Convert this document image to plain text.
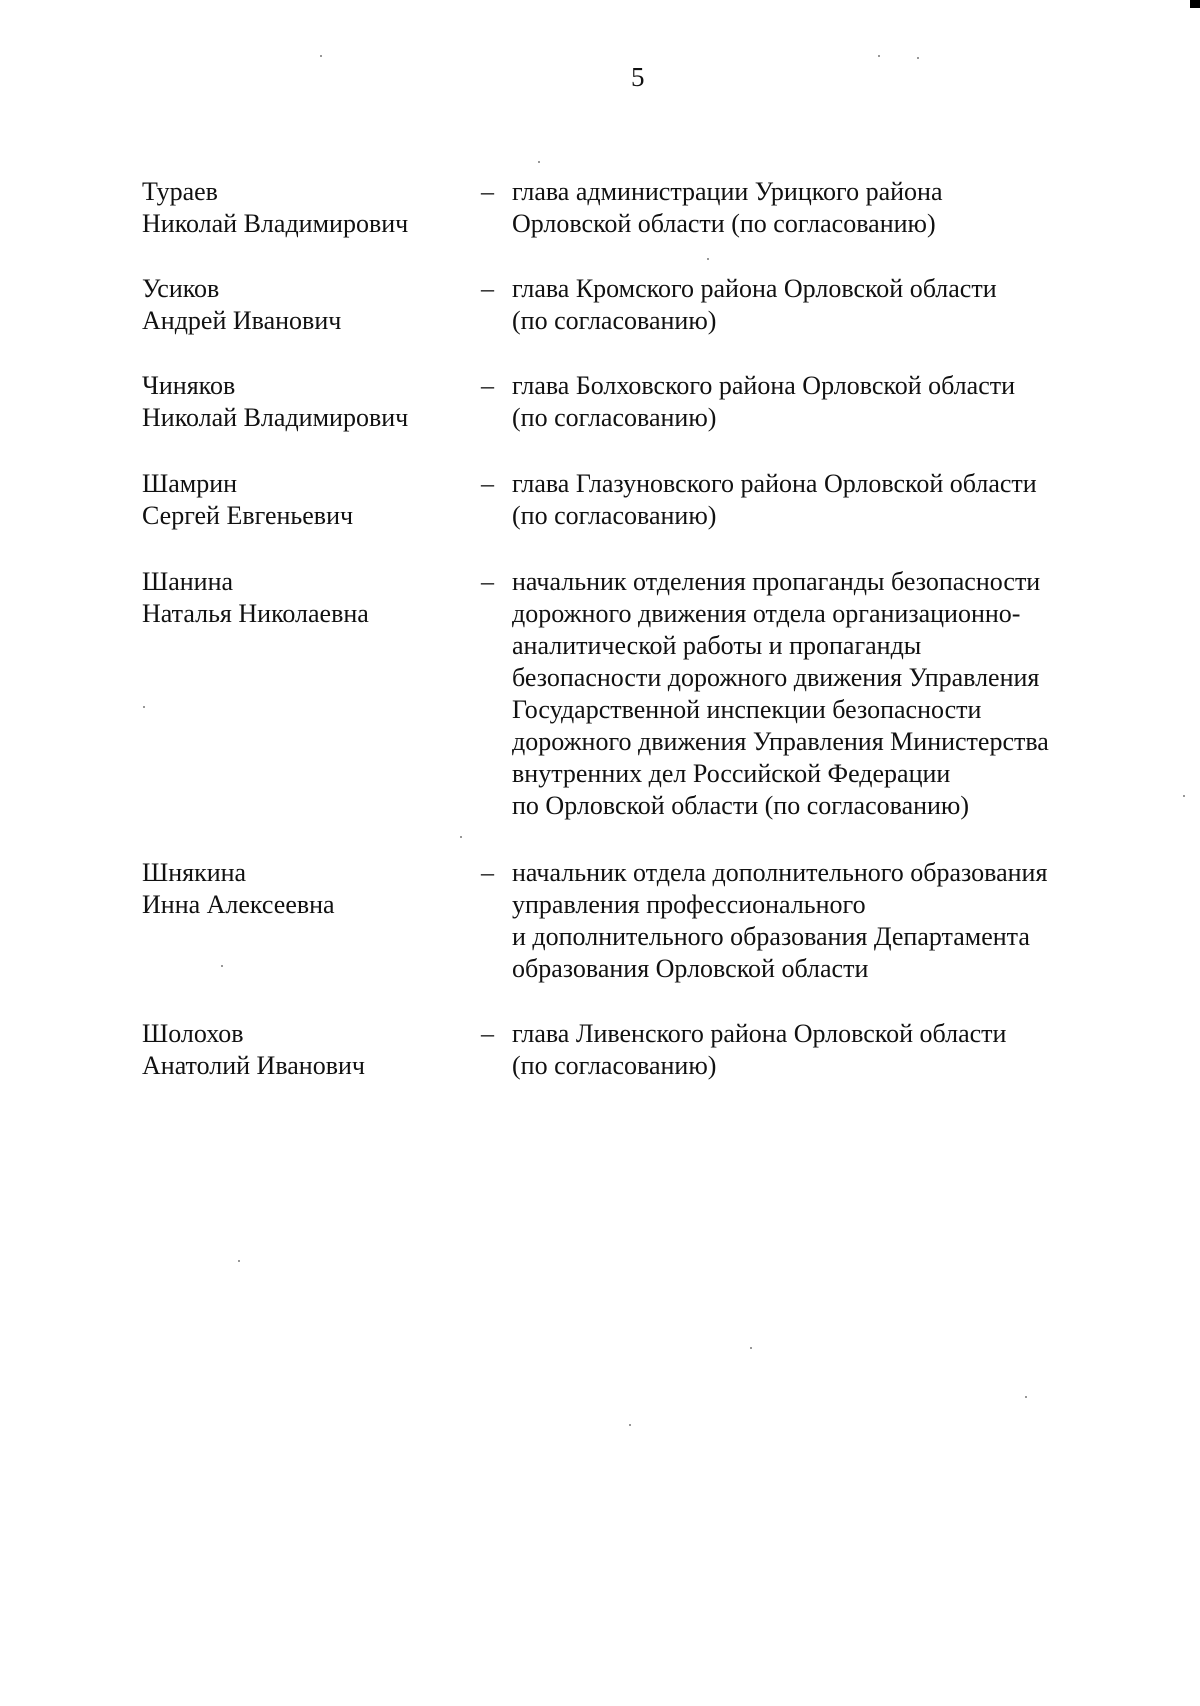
5
Тураев
Николай Владимирович
– глава администрации Урицкого района
Орловской области (по согласованию)
Усиков
Андрей Иванович
– глава Кромского района Орловской области
(по согласованию)
Чиняков
Николай Владимирович
– глава Болховского района Орловской области
(по согласованию)
Шамрин
Сергей Евгеньевич
– глава Глазуновского района Орловской области
(по согласованию)
Шанина
Наталья Николаевна
– начальник отделения пропаганды безопасности
дорожного движения отдела организационно-
аналитической работы и пропаганды
безопасности дорожного движения Управления
Государственной инспекции безопасности
дорожного движения Управления Министерства
внутренних дел Российской Федерации
по Орловской области (по согласованию)
Шнякина
Инна Алексеевна
– начальник отдела дополнительного образования
управления профессионального
и дополнительного образования Департамента
образования Орловской области
Шолохов
Анатолий Иванович
– глава Ливенского района Орловской области
(по согласованию)
